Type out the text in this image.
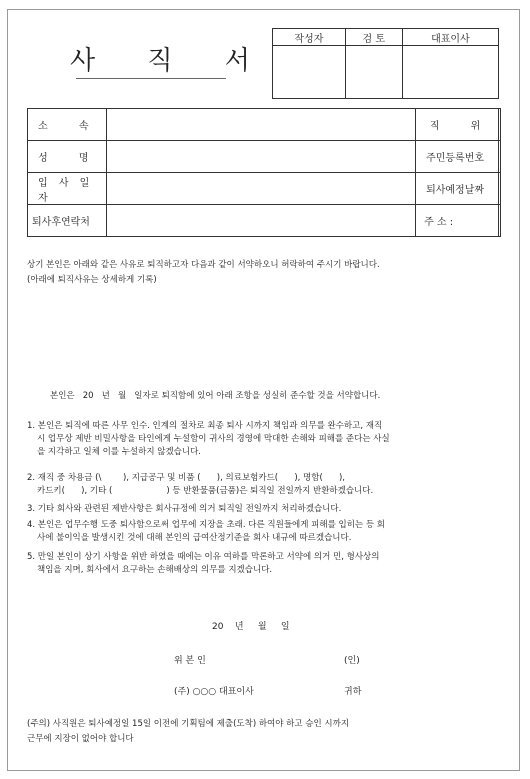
사 직 서
작성자	검 토	대표이사

소 속		직 위	
성 명		주민등록번호	
입 사 일 자		퇴사예정날짜	
퇴사후연락처		주 소 :	
상기 본인은 아래와 같은 사유로 퇴직하고자 다음과 같이 서약하오니 허락하여 주시기 바랍니다.
(아래에 퇴직사유는 상세하게 기록)
본인은   20   년   월   일자로 퇴직함에 있어 아래 조항을 성실히 준수할 것을 서약합니다.
1. 본인은 퇴직에 따른 사무 인수. 인계의 절차로 최종 퇴사 시까지 책임과 의무를 완수하고, 재직
시 업무상 제반 비밀사항을 타인에게 누설함이 귀사의 경영에 막대한 손해와 피해를 준다는 사실
을 지각하고 일체 이를 누설하지 않겠습니다.
2. 재직 중 차용금 (\        ), 지급공구 및 비품 (      ), 의료보험카드(      ), 명함(      ),
카드키(      ), 기타 (                    ) 등 반환물품(금품)은 퇴직일 전일까지 반환하겠습니다.
3. 기타 회사와 관련된 제반사항은 회사규정에 의거 퇴직일 전일까지 처리하겠습니다.
4. 본인은 업무수행 도중 퇴사함으로써 업무에 지장을 초래. 다른 직원들에게 피해를 입히는 등 회
사에 불이익을 발생시킨 것에 대해 본인의 급여산정기준을 회사 내규에 따르겠습니다.
5. 만일 본인이 상기 사항을 위반 하였을 때에는 이유 여하를 막론하고 서약에 의거 민, 형사상의
책임을 지며, 회사에서 요구하는 손해배상의 의무를 지겠습니다.
20    년     월     일
위 본 인	(인)
(주) ○○○ 대표이사	귀하
(주의) 사직원은 퇴사예정일 15일 이전에 기획팀에 제출(도착) 하여야 하고 승인 시까지
근무에 지장이 없어야 합니다
